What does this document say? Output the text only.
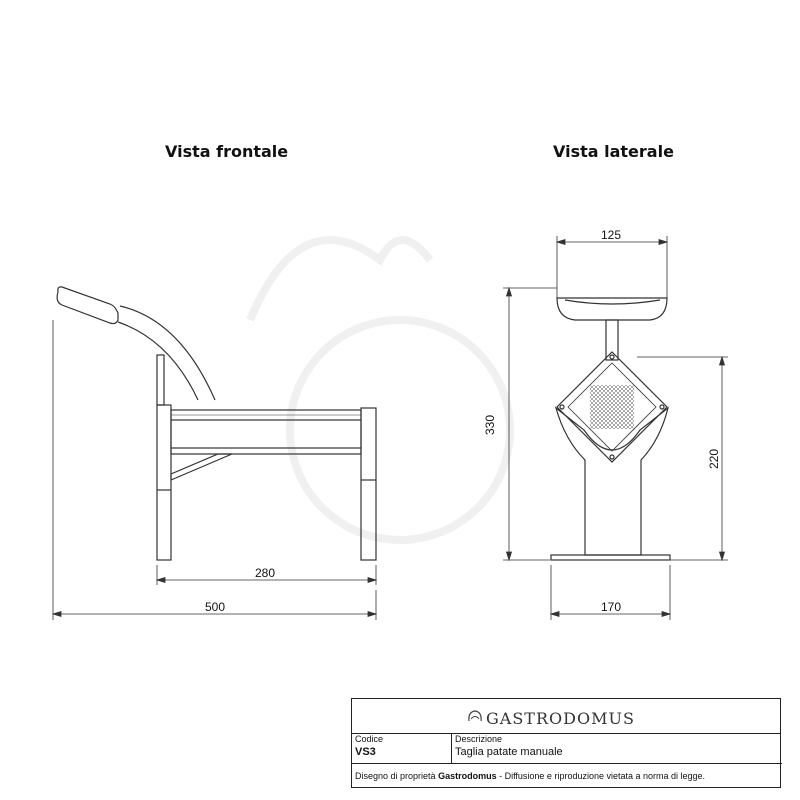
Vista frontale	Vista laterale
280
500
125
330
220
170
GASTRODOMUS
Codice
VS3
Descrizione
Taglia patate manuale
Disegno di proprietà Gastrodomus - Diffusione e riproduzione vietata a norma di legge.
